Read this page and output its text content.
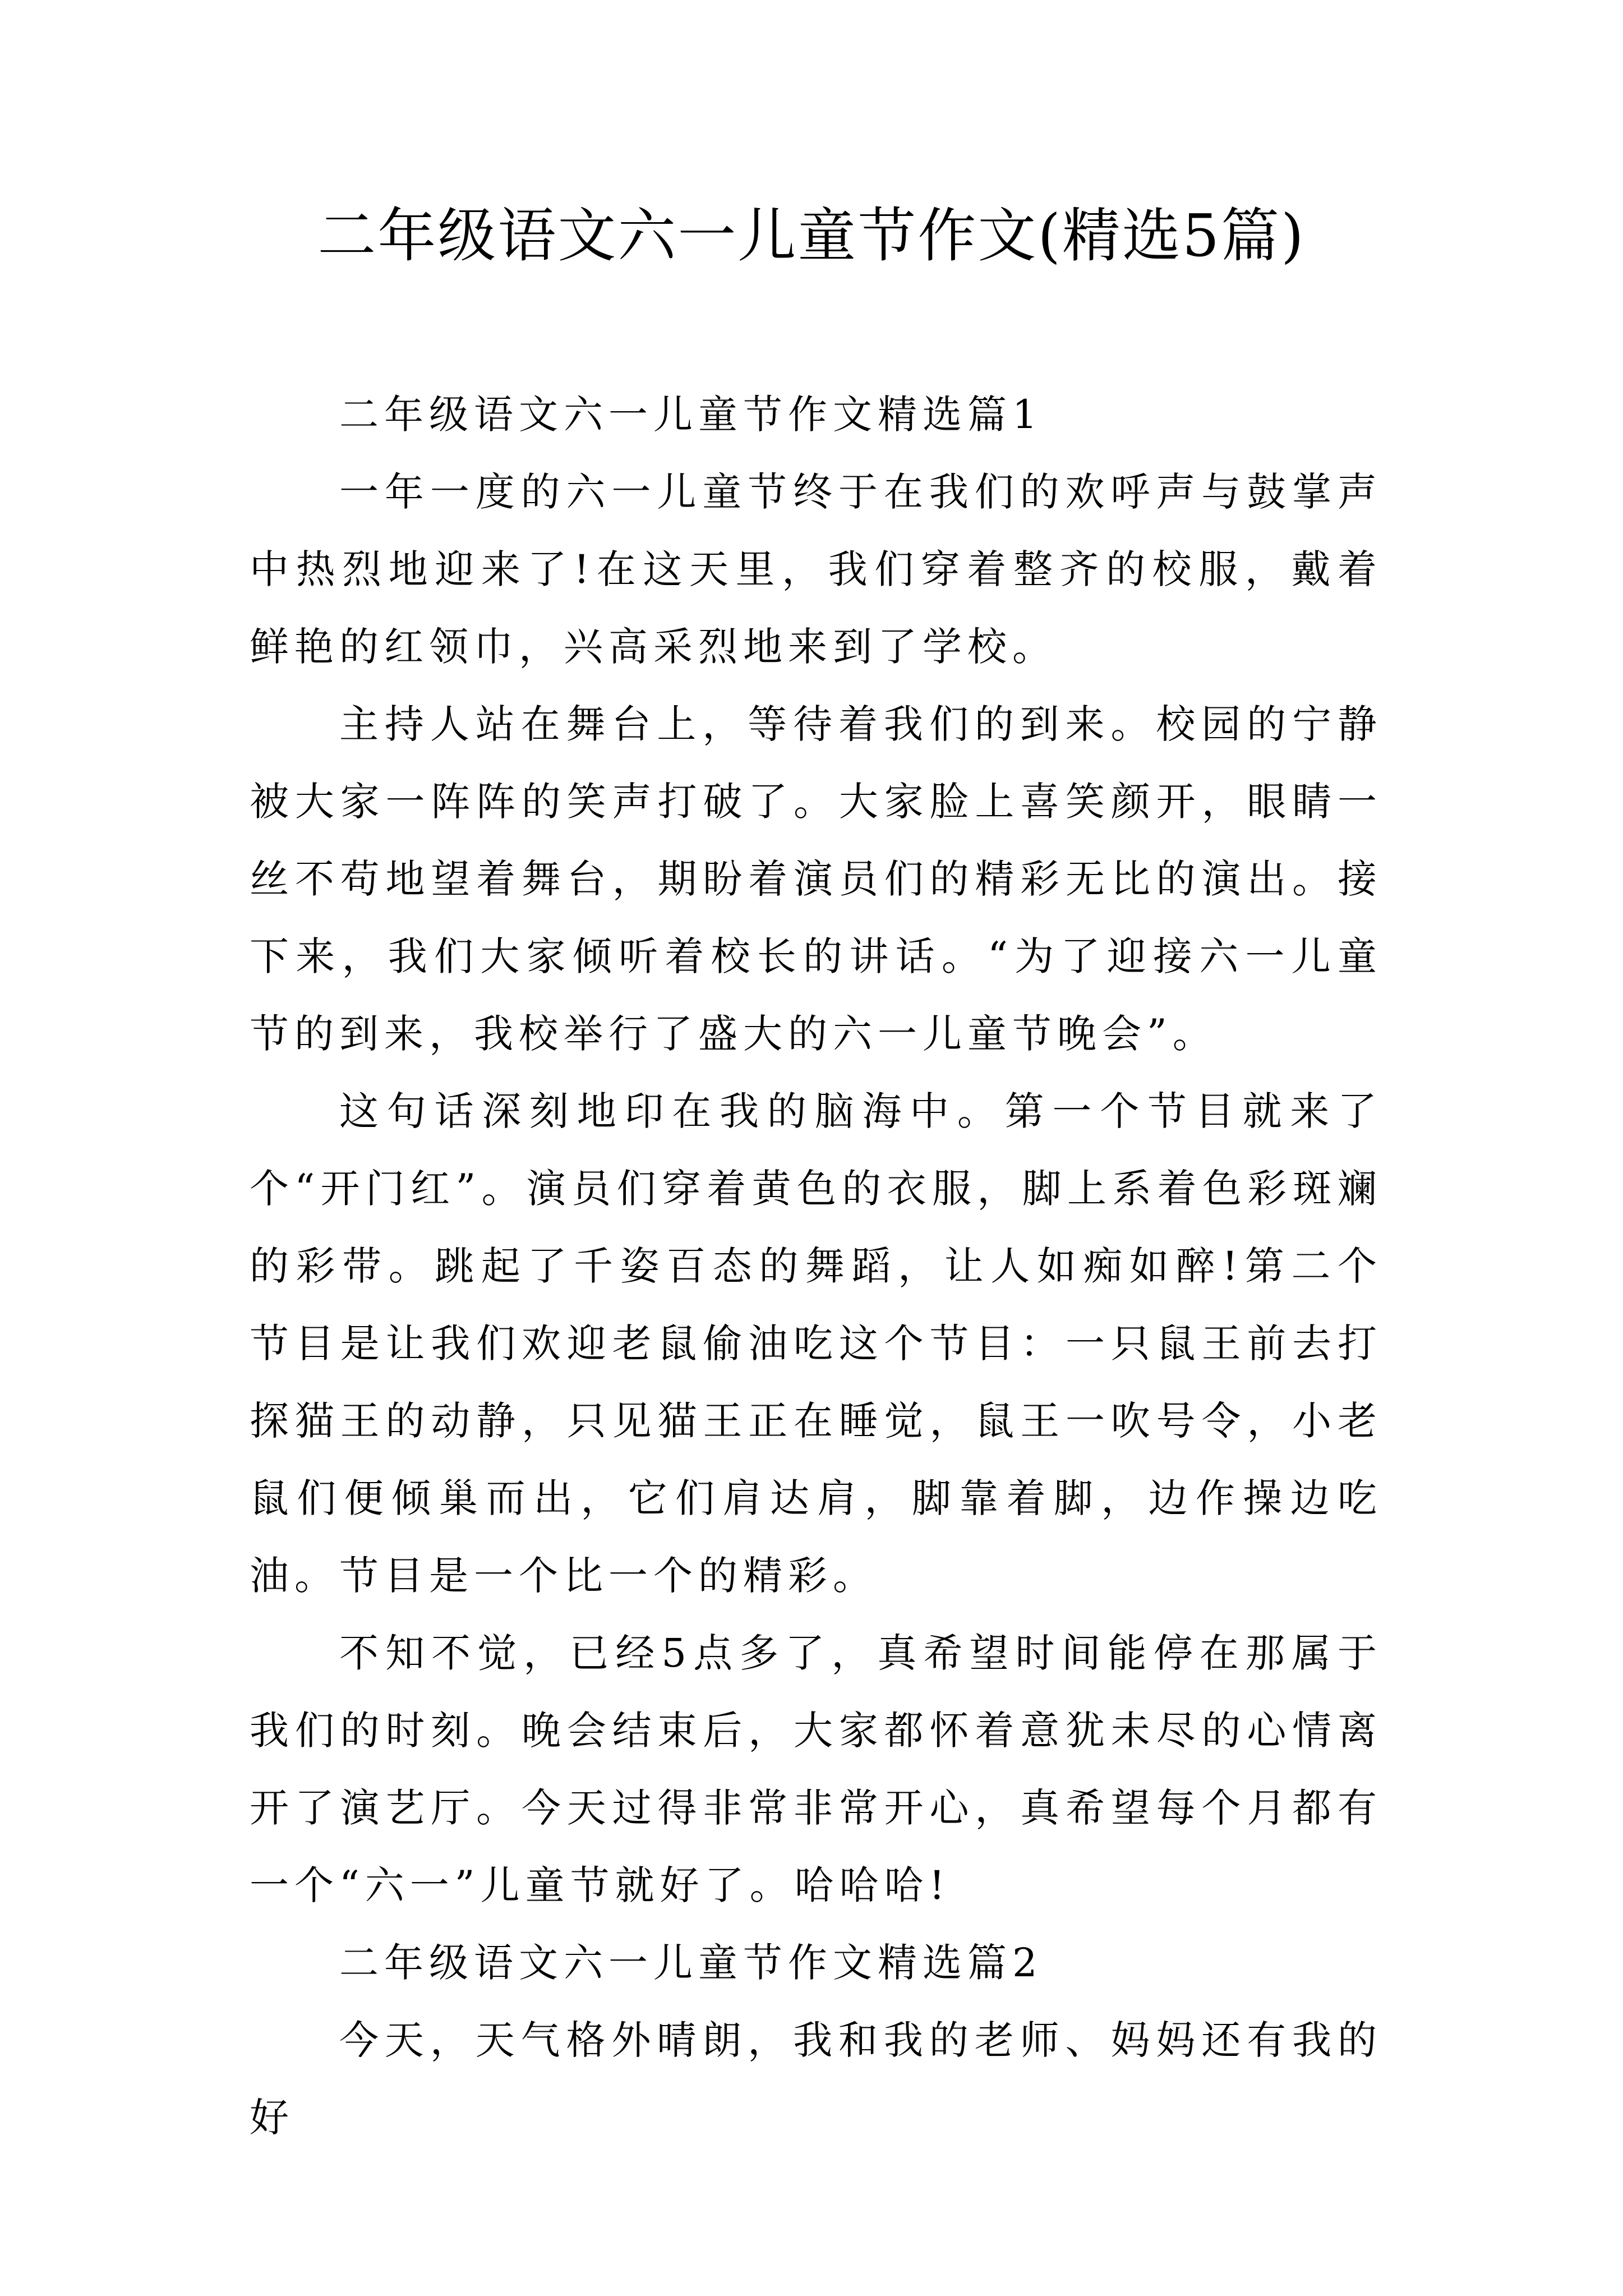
二年级语文六一儿童节作文(精选5篇)

二年级语文六一儿童节作文精选篇1

一年一度的六一儿童节终于在我们的欢呼声与鼓掌声中热烈地迎来了!在这天里，我们穿着整齐的校服，戴着鲜艳的红领巾，兴高采烈地来到了学校。

主持人站在舞台上，等待着我们的到来。校园的宁静被大家一阵阵的笑声打破了。大家脸上喜笑颜开，眼睛一丝不苟地望着舞台，期盼着演员们的精彩无比的演出。接下来，我们大家倾听着校长的讲话。“为了迎接六一儿童节的到来，我校举行了盛大的六一儿童节晚会”。

这句话深刻地印在我的脑海中。第一个节目就来了个“开门红”。演员们穿着黄色的衣服，脚上系着色彩斑斓的彩带。跳起了千姿百态的舞蹈，让人如痴如醉!第二个节目是让我们欢迎老鼠偷油吃这个节目：一只鼠王前去打探猫王的动静，只见猫王正在睡觉，鼠王一吹号令，小老鼠们便倾巢而出，它们肩达肩，脚靠着脚，边作操边吃油。节目是一个比一个的精彩。

不知不觉，已经5点多了，真希望时间能停在那属于我们的时刻。晚会结束后，大家都怀着意犹未尽的心情离开了演艺厅。今天过得非常非常开心，真希望每个月都有一个“六一”儿童节就好了。哈哈哈!

二年级语文六一儿童节作文精选篇2

今天，天气格外晴朗，我和我的老师、妈妈还有我的好
